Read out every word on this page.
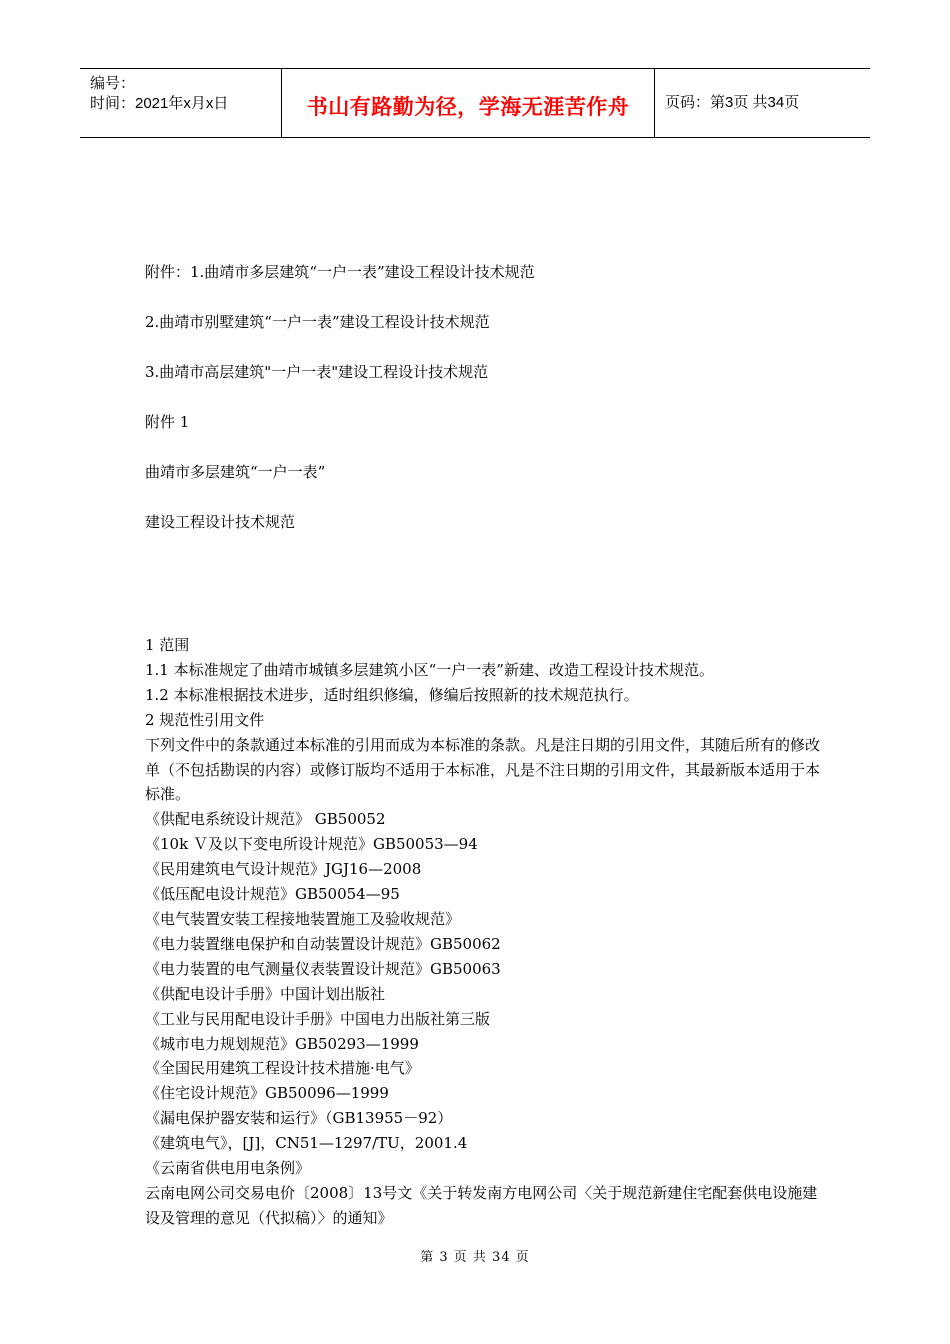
编号：
时间：2021年x月x日	书山有路勤为径，学海无涯苦作舟	页码：第3页 共34页
附件：1.曲靖市多层建筑“一户一表”建设工程设计技术规范
2.曲靖市别墅建筑“一户一表”建设工程设计技术规范
3.曲靖市高层建筑"一户一表"建设工程设计技术规范
附件 1
曲靖市多层建筑“一户一表”
建设工程设计技术规范
1 范围
1.1 本标准规定了曲靖市城镇多层建筑小区“一户一表”新建、改造工程设计技术规范。
1.2 本标准根据技术进步，适时组织修编，修编后按照新的技术规范执行。
2 规范性引用文件
下列文件中的条款通过本标准的引用而成为本标准的条款。凡是注日期的引用文件，其随后所有的修改单（不包括勘误的内容）或修订版均不适用于本标准，凡是不注日期的引用文件，其最新版本适用于本标准。
《供配电系统设计规范》 GB50052
《10k Ｖ及以下变电所设计规范》GB50053—94
《民用建筑电气设计规范》JGJ16—2008
《低压配电设计规范》GB50054—95
《电气装置安装工程接地装置施工及验收规范》
《电力装置继电保护和自动装置设计规范》GB50062
《电力装置的电气测量仪表装置设计规范》GB50063
《供配电设计手册》中国计划出版社
《工业与民用配电设计手册》中国电力出版社第三版
《城市电力规划规范》GB50293—1999
《全国民用建筑工程设计技术措施·电气》
《住宅设计规范》GB50096—1999
《漏电保护器安装和运行》（GB13955－92）
《建筑电气》，[J]，CN51—1297/TU，2001.4
《云南省供电用电条例》
云南电网公司交易电价〔2008〕13号文《关于转发南方电网公司〈关于规范新建住宅配套供电设施建设及管理的意见（代拟稿）〉的通知》
第 3 页 共 34 页
